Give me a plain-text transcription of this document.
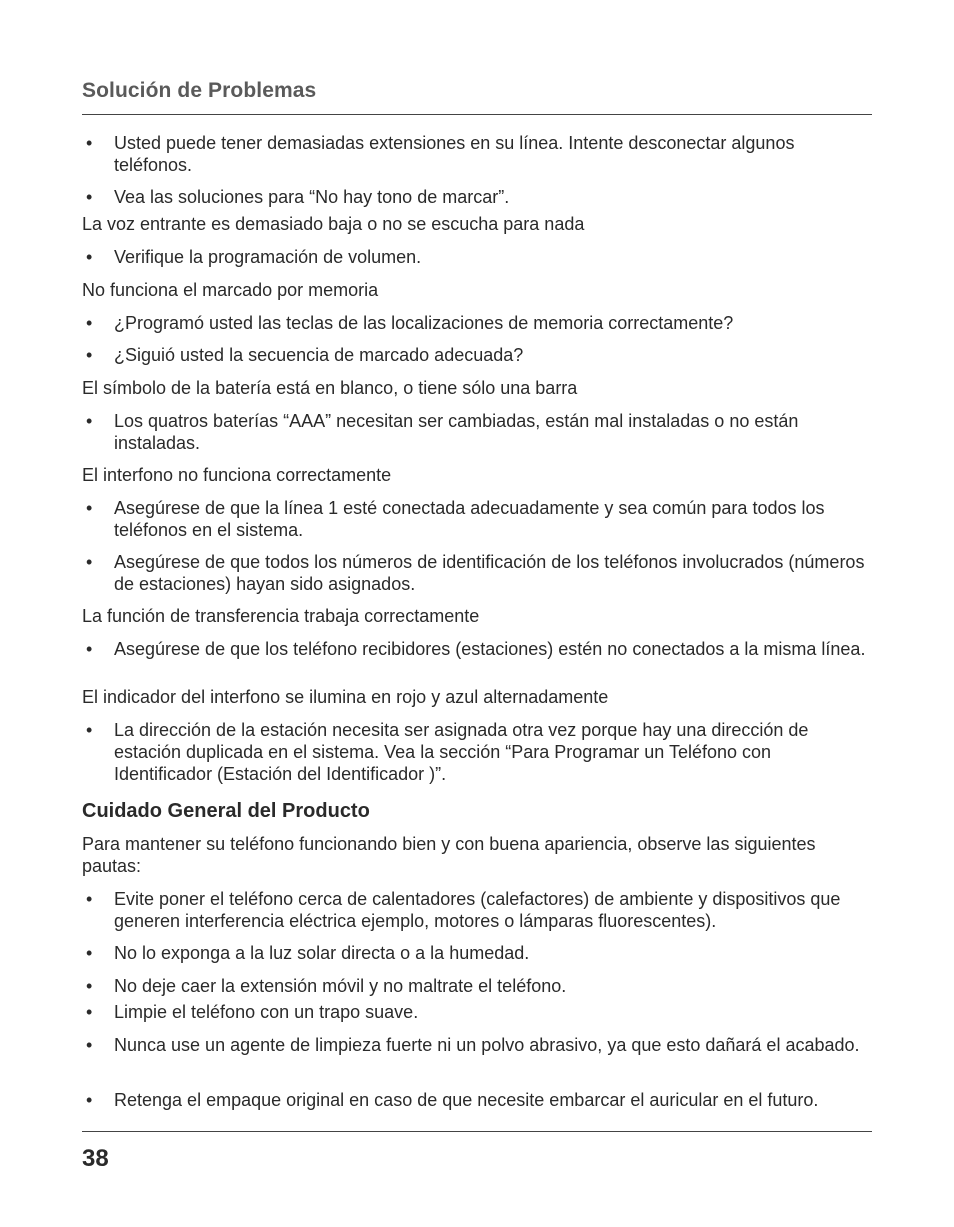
Solución de Problemas
•	Usted puede tener demasiadas extensiones en su línea. Intente desconectar algunos teléfonos.
•	Vea las soluciones para “No hay tono de marcar”.
La voz entrante es demasiado baja o no se escucha para nada
•	Verifique la programación de volumen.
No funciona el marcado por memoria
•	¿Programó usted las teclas de las localizaciones de memoria correctamente?
•	¿Siguió usted la secuencia de marcado adecuada?
El símbolo de la batería está en blanco, o tiene sólo una barra
•	Los quatros baterías “AAA” necesitan ser cambiadas, están mal instaladas o no están instaladas.
El interfono no funciona correctamente
•	Asegúrese de que la línea 1 esté conectada adecuadamente y sea común para todos los teléfonos en el sistema.
•	Asegúrese de que todos los números de identificación de los teléfonos involucrados (números de estaciones) hayan sido asignados.
La función de transferencia trabaja correctamente
•	Asegúrese de que los teléfono recibidores (estaciones) estén no conectados a la misma línea.
El indicador del interfono se ilumina en rojo y azul alternadamente
•	La dirección de la estación necesita ser asignada otra vez porque hay una dirección de estación duplicada en el sistema. Vea la sección “Para Programar un Teléfono con Identificador (Estación del Identificador )”.
Cuidado General del Producto
Para mantener su teléfono funcionando bien y con buena apariencia, observe las siguientes pautas:
•	Evite poner el teléfono cerca de calentadores (calefactores) de ambiente y dispositivos que generen interferencia eléctrica ejemplo, motores o lámparas fluorescentes).
•	No lo exponga a la luz solar directa o a la humedad.
•	No deje caer la extensión móvil y no maltrate el teléfono.
•	Limpie el teléfono con un trapo suave.
•	Nunca use un agente de limpieza fuerte ni un polvo abrasivo, ya que esto dañará el acabado.
•	Retenga el empaque original en caso de que necesite embarcar el auricular en el futuro.
38
